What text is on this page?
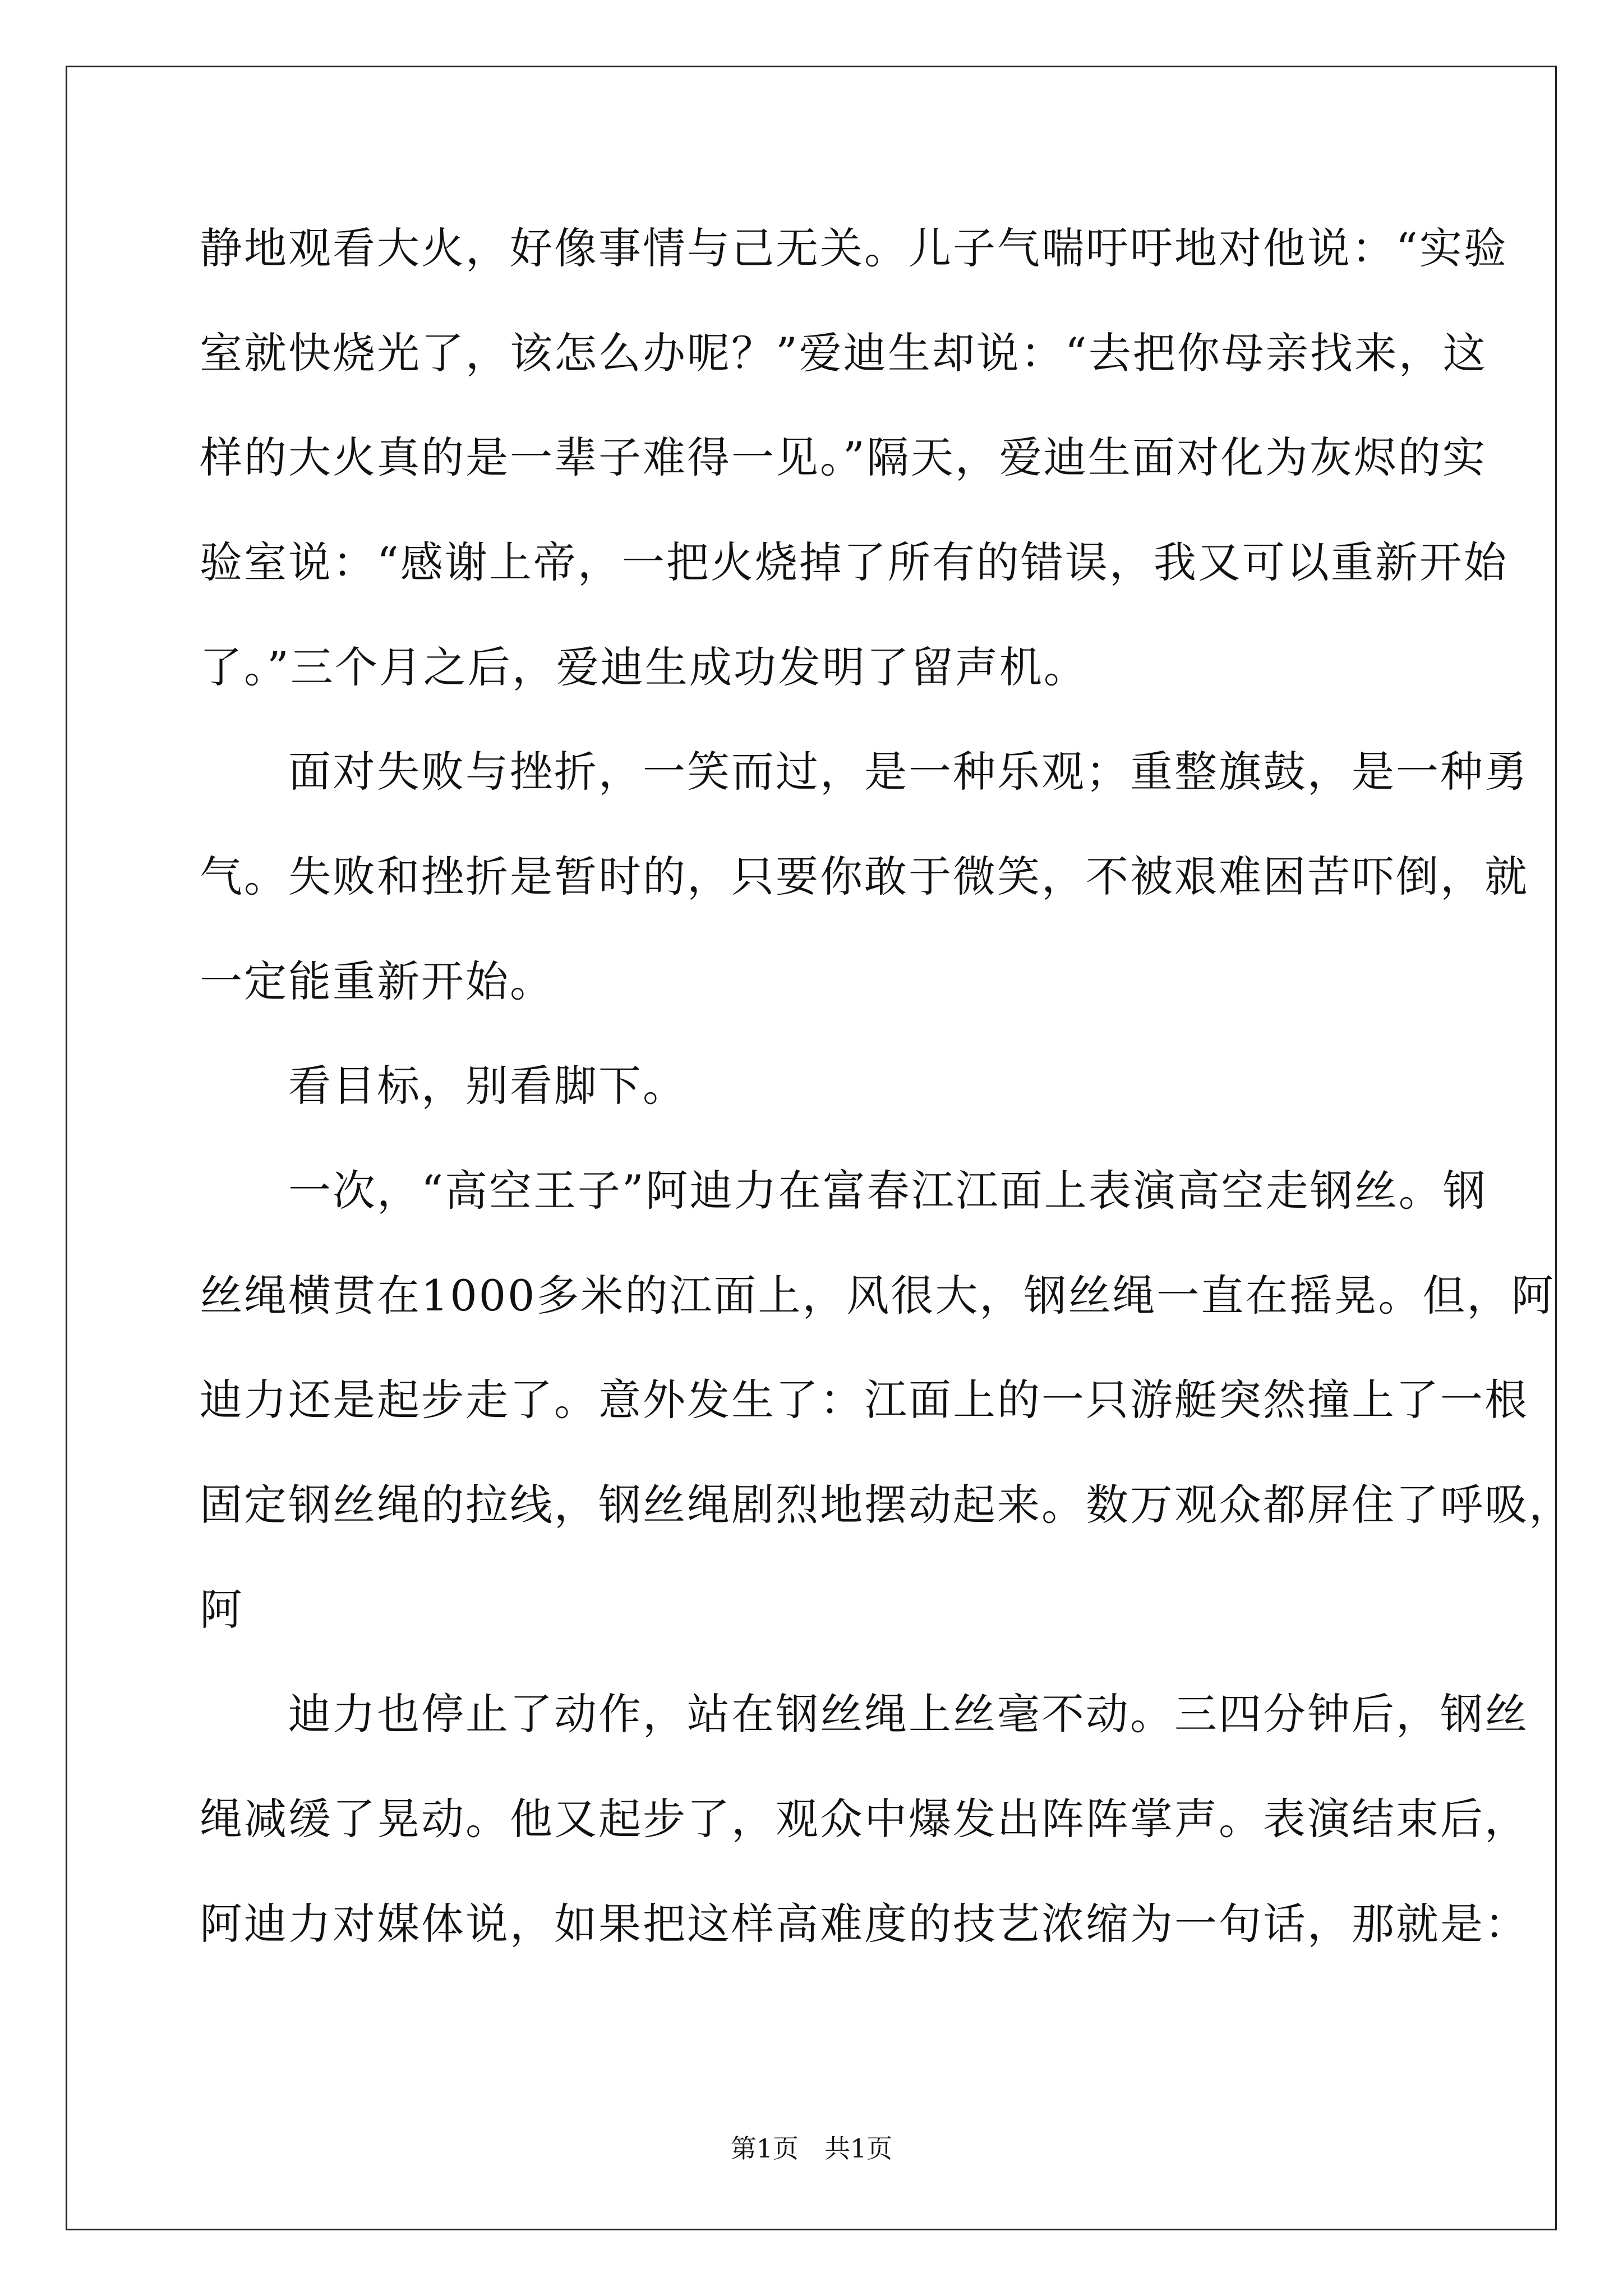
静地观看大火，好像事情与己无关。儿子气喘吁吁地对他说：“实验
室就快烧光了，该怎么办呢？”爱迪生却说：“去把你母亲找来，这
样的大火真的是一辈子难得一见。”隔天，爱迪生面对化为灰烬的实
验室说：“感谢上帝，一把火烧掉了所有的错误，我又可以重新开始
了。”三个月之后，爱迪生成功发明了留声机。
　　面对失败与挫折，一笑而过，是一种乐观；重整旗鼓，是一种勇
气。失败和挫折是暂时的，只要你敢于微笑，不被艰难困苦吓倒，就
一定能重新开始。
　　看目标，别看脚下。
　　一次，“高空王子”阿迪力在富春江江面上表演高空走钢丝。钢
丝绳横贯在1000多米的江面上，风很大，钢丝绳一直在摇晃。但，阿
迪力还是起步走了。意外发生了：江面上的一只游艇突然撞上了一根
固定钢丝绳的拉线，钢丝绳剧烈地摆动起来。数万观众都屏住了呼吸，
阿
　　迪力也停止了动作，站在钢丝绳上丝毫不动。三四分钟后，钢丝
绳减缓了晃动。他又起步了，观众中爆发出阵阵掌声。表演结束后，
阿迪力对媒体说，如果把这样高难度的技艺浓缩为一句话，那就是：
第1页　共1页
